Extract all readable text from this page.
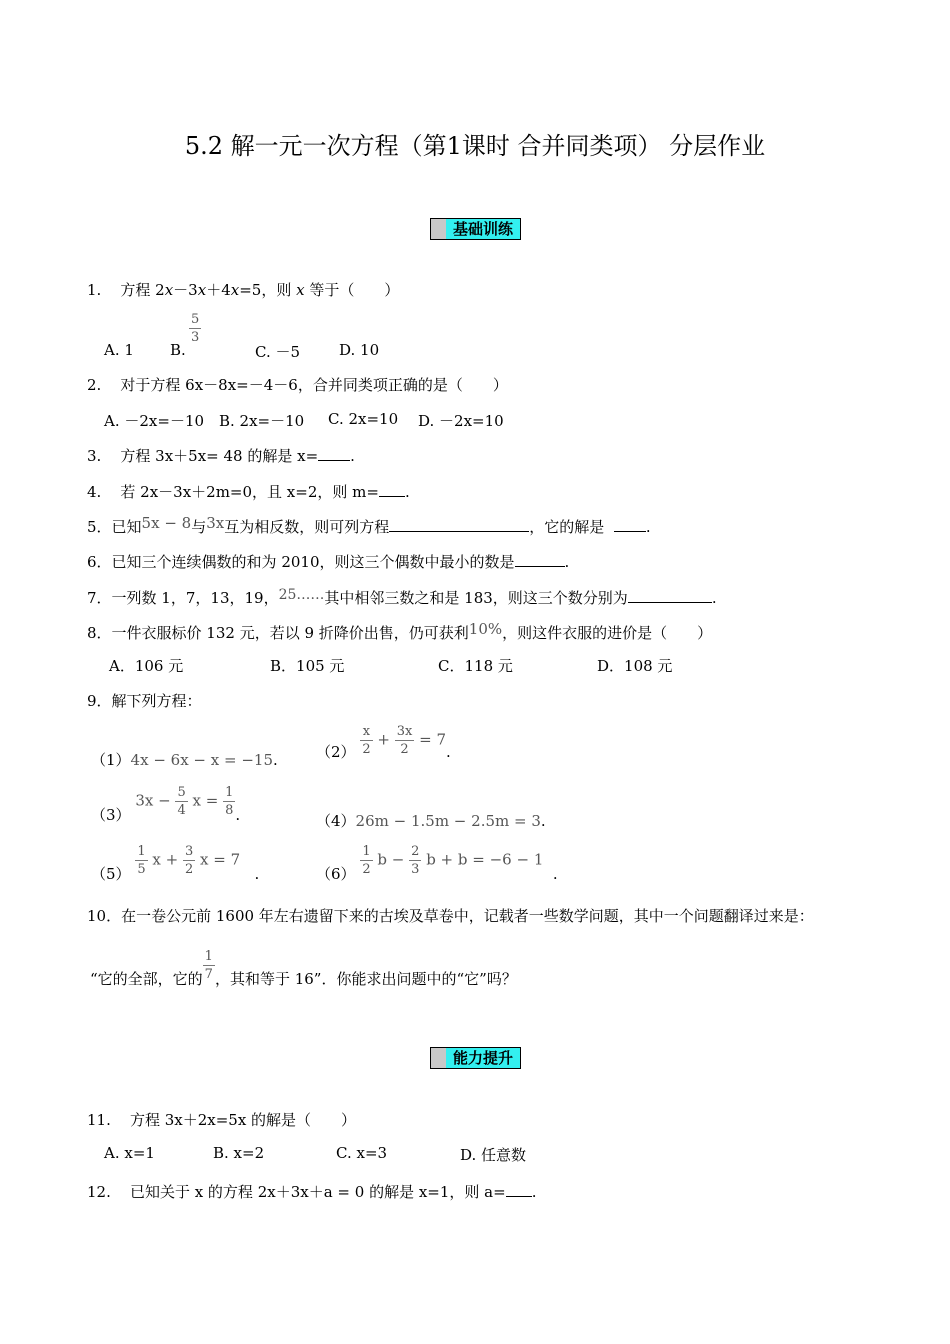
5.2 解一元一次方程（第1课时 合并同类项） 分层作业
基础训练
1. 方程 2x－3x＋4x=5，则 x 等于（　　）
A. 1 B.
$\frac{5}{3}$
C. －5	D. 10
2. 对于方程 6x－8x=－4－6，合并同类项正确的是（　　）
A. －2x=－10 B. 2x=－10 C. 2x=10 D. －2x=10
3. 方程 3x＋5x= 48 的解是 x= .
4. 若 2x－3x＋2m=0，且 x=2，则 m= .
5．已知5x − 8与3x互为相反数，则可列方程	，它的解是	.
6．已知三个连续偶数的和为 2010，则这三个偶数中最小的数是	.
7．一列数 1，7，13，19，25……其中相邻三数之和是 183，则这三个数分别为	.
8．一件衣服标价 132 元，若以 9 折降价出售，仍可获利10%，则这件衣服的进价是（　　）
A．106 元	B．105 元	C．118 元	D．108 元
9．解下列方程：
（1）4x − 6x − x = −15.	$(2) \frac{x}{2} + \frac{3x}{2} = 7$.
（3） $3x - \frac{5}{4}$ $x = \frac{1}{8}$ .	（4）26m − 1.5m − 2.5m = 3.
$(5) \frac{1}{5}$ $x + \frac{3}{2}$ x = 7   .	$(6) \frac{1}{2}$ $b - \frac{2}{3}$ b + b = −6 − 1  .
10．在一卷公元前 1600 年左右遗留下来的古埃及草卷中，记载者一些数学问题，其中一个问题翻译过来是：
“它的全部，它的 $\frac{1}{7}$ ，其和等于 16”．你能求出问题中的“它”吗？
能力提升
11. 方程 3x＋2x=5x 的解是（　　）
A. x=1	B. x=2	C. x=3	D. 任意数
12. 已知关于 x 的方程 2x＋3x＋a = 0 的解是 x=1，则 a= .
